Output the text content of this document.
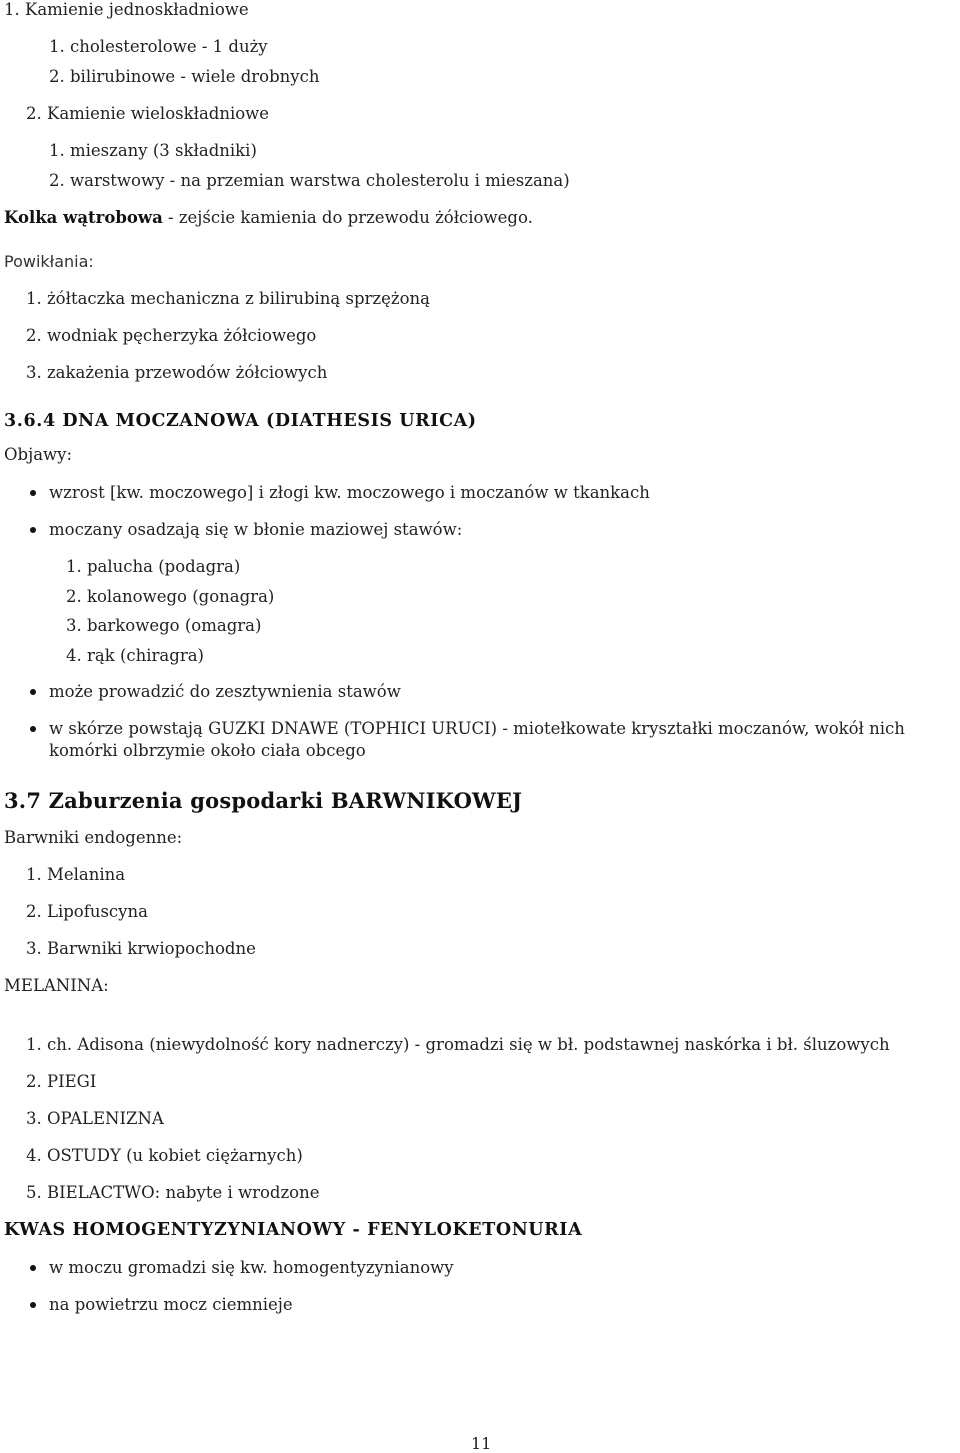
1. Kamienie jednoskładniowe
1. cholesterolowe - 1 duży
2. bilirubinowe - wiele drobnych
2. Kamienie wieloskładniowe
1. mieszany (3 składniki)
2. warstwowy - na przemian warstwa cholesterolu i mieszana)
Kolka wątrobowa - zejście kamienia do przewodu żółciowego.
Powikłania:
1. żółtaczka mechaniczna z bilirubiną sprzężoną
2. wodniak pęcherzyka żółciowego
3. zakażenia przewodów żółciowych
3.6.4 DNA MOCZANOWA (DIATHESIS URICA)
Objawy:
wzrost [kw. moczowego] i złogi kw. moczowego i moczanów w tkankach
moczany osadzają się w błonie maziowej stawów:
1. palucha (podagra)
2. kolanowego (gonagra)
3. barkowego (omagra)
4. rąk (chiragra)
może prowadzić do zesztywnienia stawów
w skórze powstają GUZKI DNAWE (TOPHICI URUCI) - miotełkowate kryształki moczanów, wokół nich komórki olbrzymie około ciała obcego
3.7 Zaburzenia gospodarki BARWNIKOWEJ
Barwniki endogenne:
1. Melanina
2. Lipofuscyna
3. Barwniki krwiopochodne
MELANINA:
1. ch. Adisona (niewydolność kory nadnerczy) - gromadzi się w bł. podstawnej naskórka i bł. śluzowych
2. PIEGI
3. OPALENIZNA
4. OSTUDY (u kobiet ciężarnych)
5. BIELACTWO: nabyte i wrodzone
KWAS HOMOGENTYZYNIANOWY - FENYLOKETONURIA
w moczu gromadzi się kw. homogentyzynianowy
na powietrzu mocz ciemnieje
11
